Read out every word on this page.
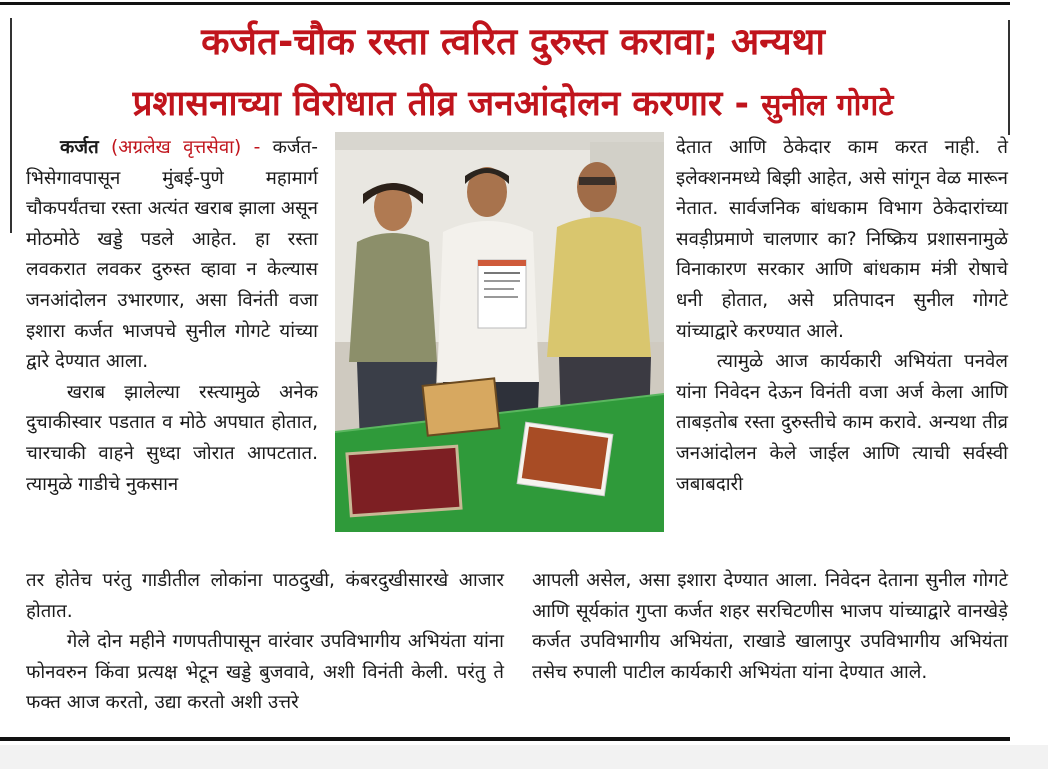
कर्जत-चौक रस्ता त्वरित दुरुस्त करावा; अन्यथा
प्रशासनाच्या विरोधात तीव्र जनआंदोलन करणार - सुनील गोगटे

कर्जत (अग्रलेख वृत्तसेवा) - कर्जत-भिसेगावपासून मुंबई-पुणे महामार्ग चौकपर्यंतचा रस्ता अत्यंत खराब झाला असून मोठमोठे खड्डे पडले आहेत. हा रस्ता लवकरात लवकर दुरुस्त व्हावा न केल्यास जनआंदोलन उभारणार, असा विनंती वजा इशारा कर्जत भाजपचे सुनील गोगटे यांच्या द्वारे देण्यात आला.

खराब झालेल्या रस्त्यामुळे अनेक दुचाकीस्वार पडतात व मोठे अपघात होतात, चारचाकी वाहने सुध्दा जोरात आपटतात. त्यामुळे गाडीचे नुकसान

तर होतेच परंतु गाडीतील लोकांना पाठदुखी, कंबरदुखीसारखे आजार होतात.

गेले दोन महीने गणपतीपासून वारंवार उपविभागीय अभियंता यांना फोनवरुन किंवा प्रत्यक्ष भेटून खड्डे बुजवावे, अशी विनंती केली. परंतु ते फक्त आज करतो, उद्या करतो अशी उत्तरे

देतात आणि ठेकेदार काम करत नाही. ते इलेक्शनमध्ये बिझी आहेत, असे सांगून वेळ मारून नेतात. सार्वजनिक बांधकाम विभाग ठेकेदारांच्या सवड़ीप्रमाणे चालणार का? निष्क्रिय प्रशासनामुळे विनाकारण सरकार आणि बांधकाम मंत्री रोषाचे धनी होतात, असे प्रतिपादन सुनील गोगटे यांच्याद्वारे करण्यात आले.

त्यामुळे आज कार्यकारी अभियंता पनवेल यांना निवेदन देऊन विनंती वजा अर्ज केला आणि ताबड़तोब रस्ता दुरुस्तीचे काम करावे. अन्यथा तीव्र जनआंदोलन केले जाईल आणि त्याची सर्वस्वी जबाबदारी

आपली असेल, असा इशारा देण्यात आला. निवेदन देताना सुनील गोगटे आणि सूर्यकांत गुप्ता कर्जत शहर सरचिटणीस भाजप यांच्याद्वारे वानखेड़े कर्जत उपविभागीय अभियंता, राखाडे खालापुर उपविभागीय अभियंता तसेच रुपाली पाटील कार्यकारी अभियंता यांना देण्यात आले.
